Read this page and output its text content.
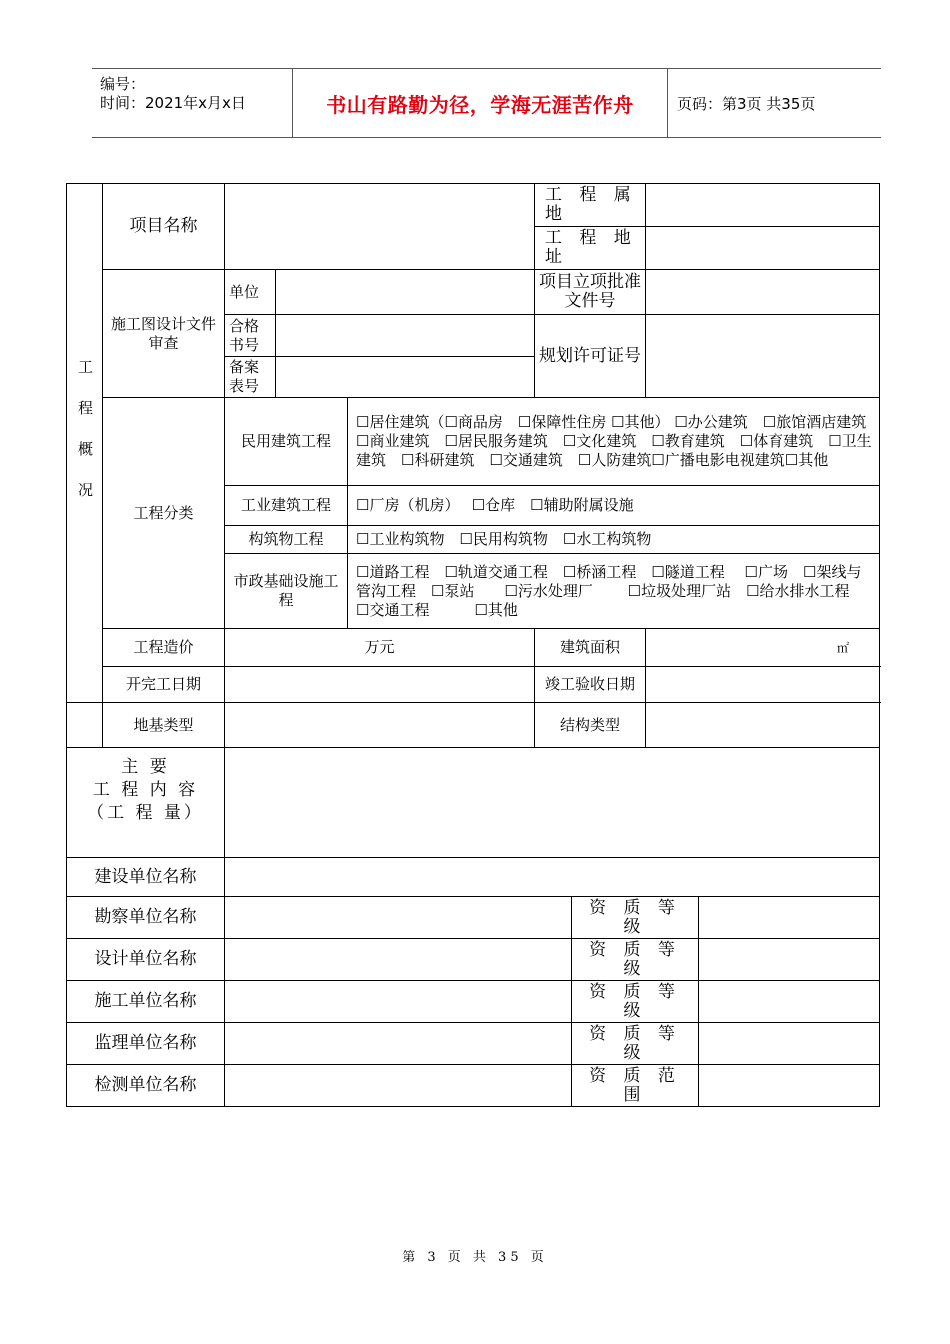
编号：
时间：2021年x月x日	书山有路勤为径，学海无涯苦作舟	页码：第3页 共35页
工程概况	项目名称				工 程 属 地			
					工 程 地 址			
	施工图设计文件审查	单位			项目立项批准文件号			
		合格书号			规划许可证号			
		备案表号						
	工程分类	民用建筑工程		☐居住建筑（☐商品房　☐保障性住房 ☐其他） ☐办公建筑　☐旅馆酒店建筑　☐商业建筑　☐居民服务建筑　☐文化建筑　☐教育建筑　☐体育建筑　☐卫生建筑　☐科研建筑　☐交通建筑　☐人防建筑☐广播电影电视建筑☐其他				
		工业建筑工程		☐厂房（机房）　 ☐仓库　☐辅助附属设施				
		构筑物工程		☐工业构筑物　☐民用构筑物　☐水工构筑物				
		市政基础设施工程		☐道路工程　☐轨道交通工程　☐桥涵工程　☐隧道工程　 ☐广场　☐架线与管沟工程　☐泵站　　☐污水处理厂　　 ☐垃圾处理厂站　☐给水排水工程　　☐交通工程　　　☐其他				
	工程造价	万元			建筑面积		㎡	
	开完工日期				竣工验收日期			
	地基类型				结构类型			

主 要
工 程 内 容
（工 程 量）								

建设单位名称								
勘察单位名称						资 质 等 级		
设计单位名称						资 质 等 级		
施工单位名称						资 质 等 级		
监理单位名称						资 质 等 级		
检测单位名称						资 质 范 围		
第 3 页 共 35 页
